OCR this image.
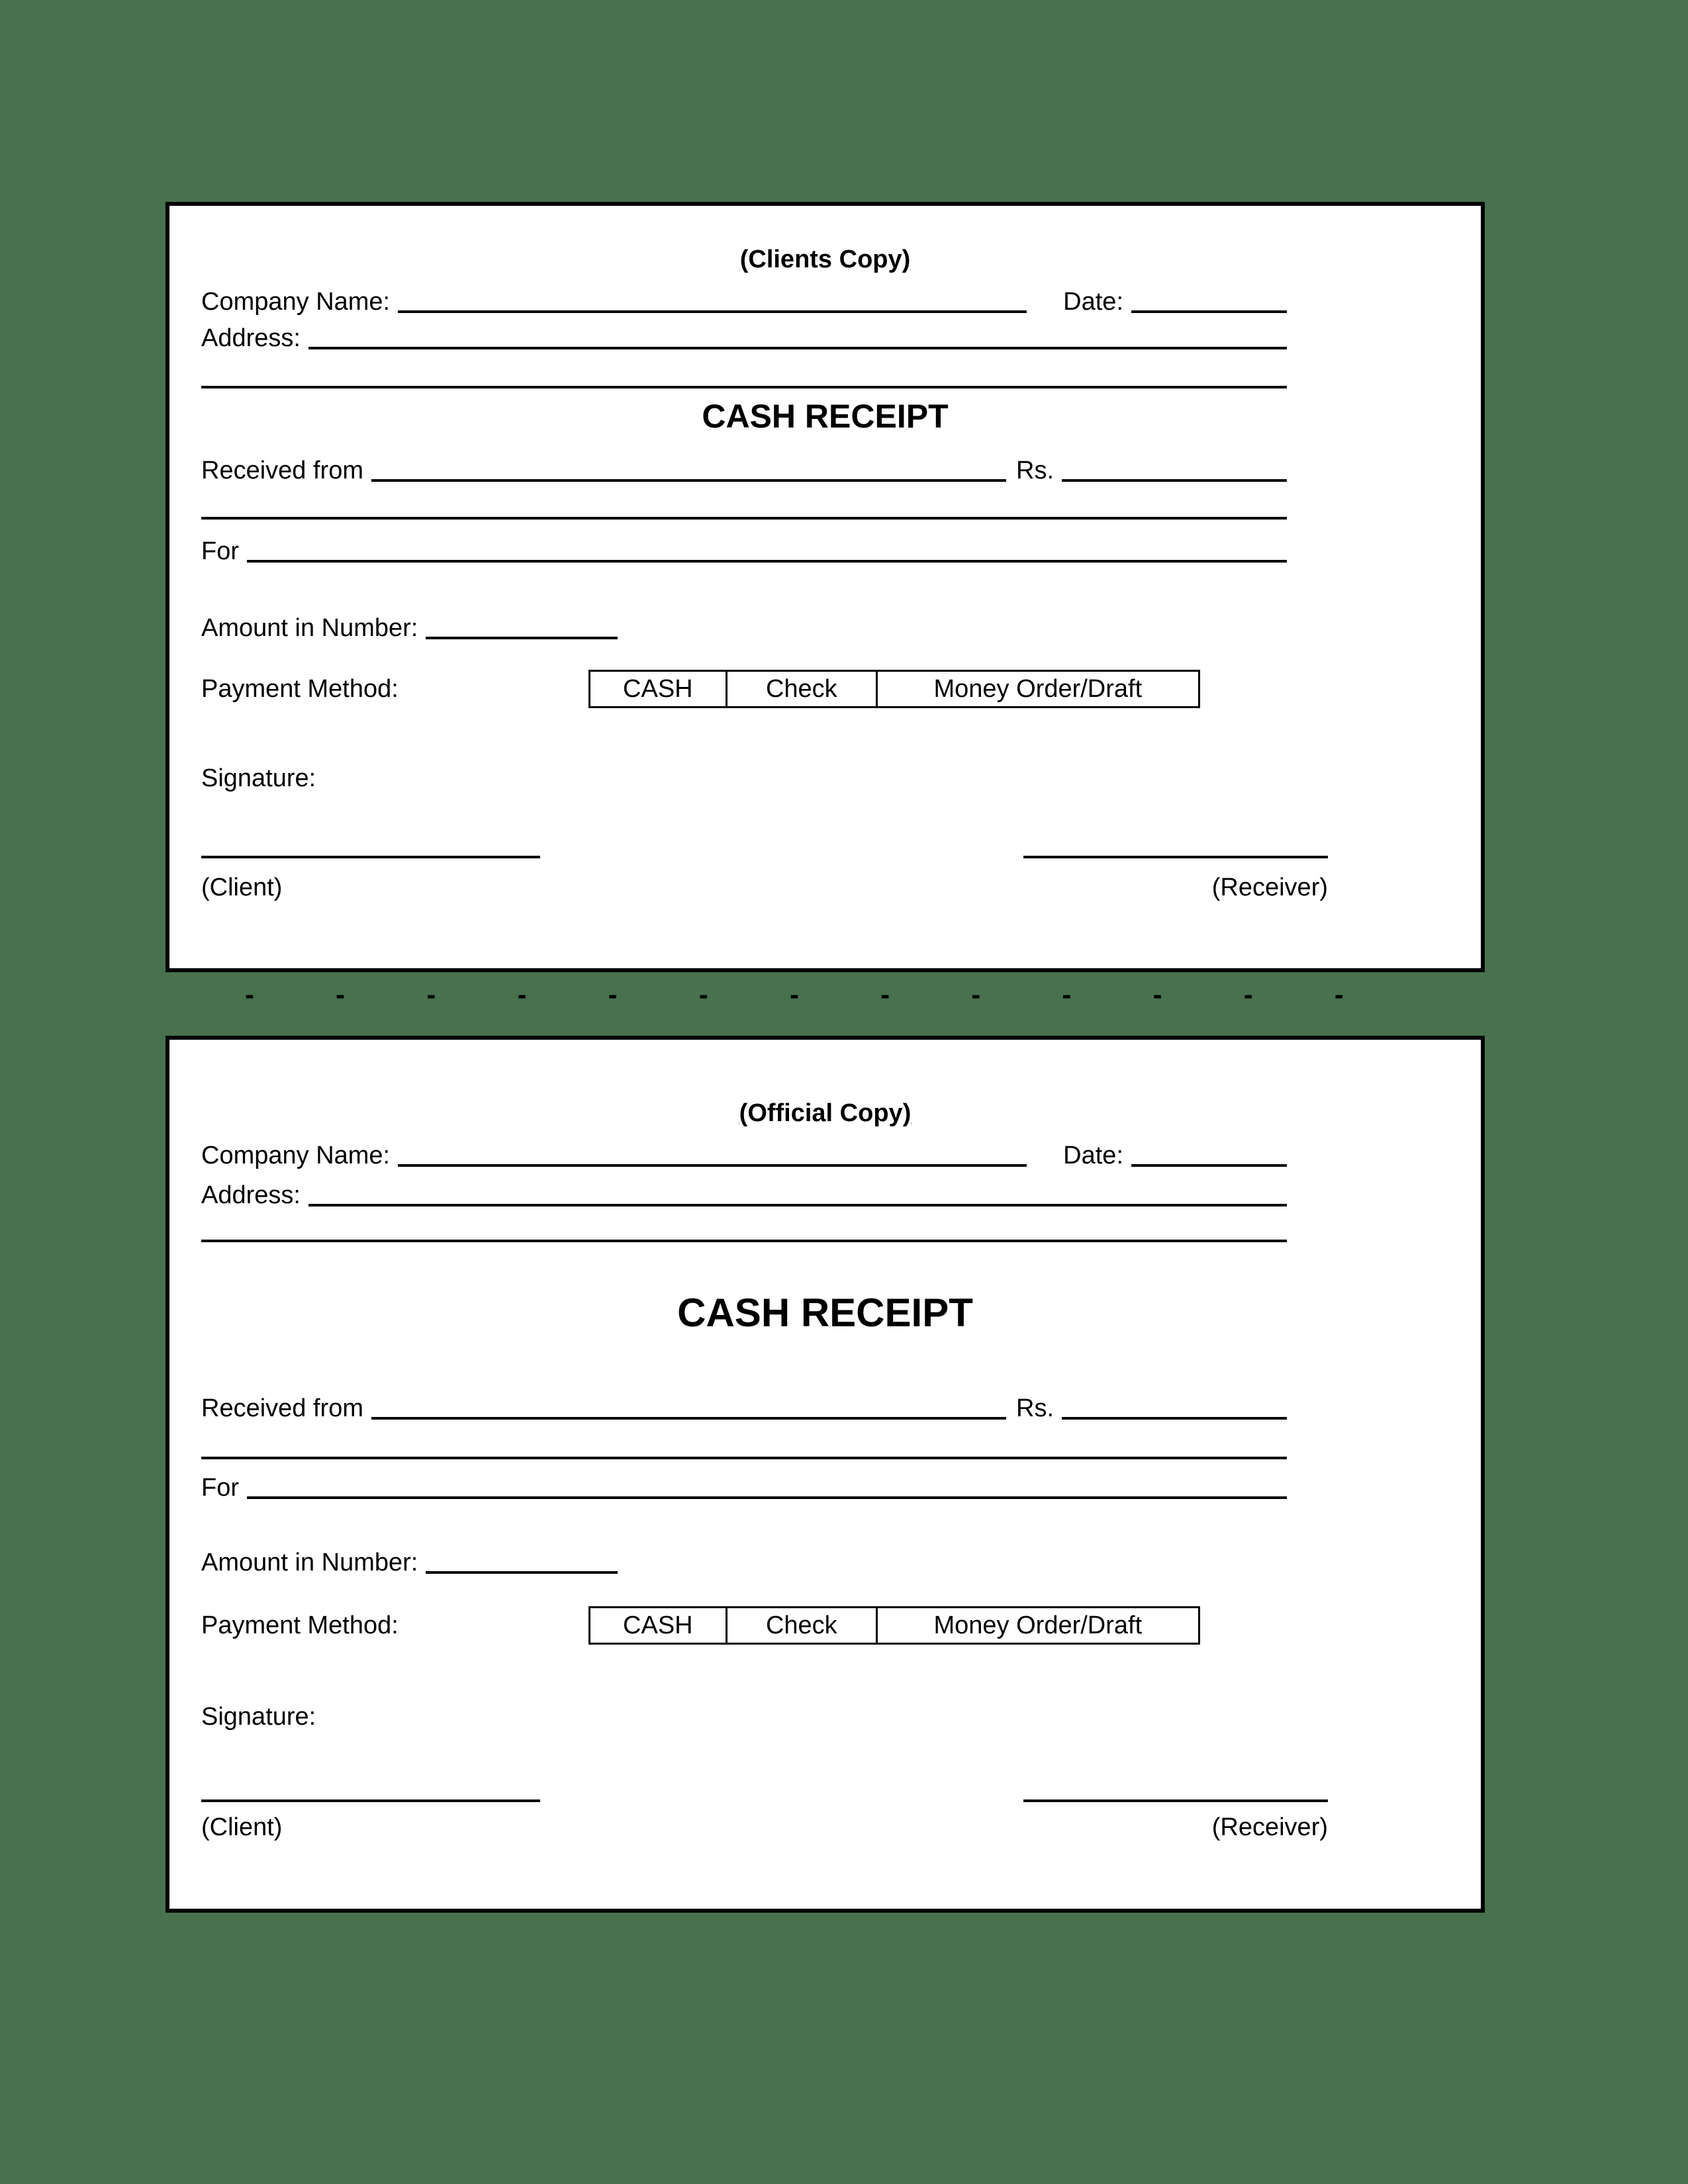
(Clients Copy)
Company Name:	Date:
Address:
CASH RECEIPT
Received from	Rs.
For
Amount in Number:
Payment Method:	CASH	Check	Money Order/Draft
Signature:
(Client)	(Receiver)
-	-	-	-	-	-	-	-	-	-	-	-	-
(Official Copy)
Company Name:	Date:
Address:
CASH RECEIPT
Received from	Rs.
For
Amount in Number:
Payment Method:	CASH	Check	Money Order/Draft
Signature:
(Client)	(Receiver)
